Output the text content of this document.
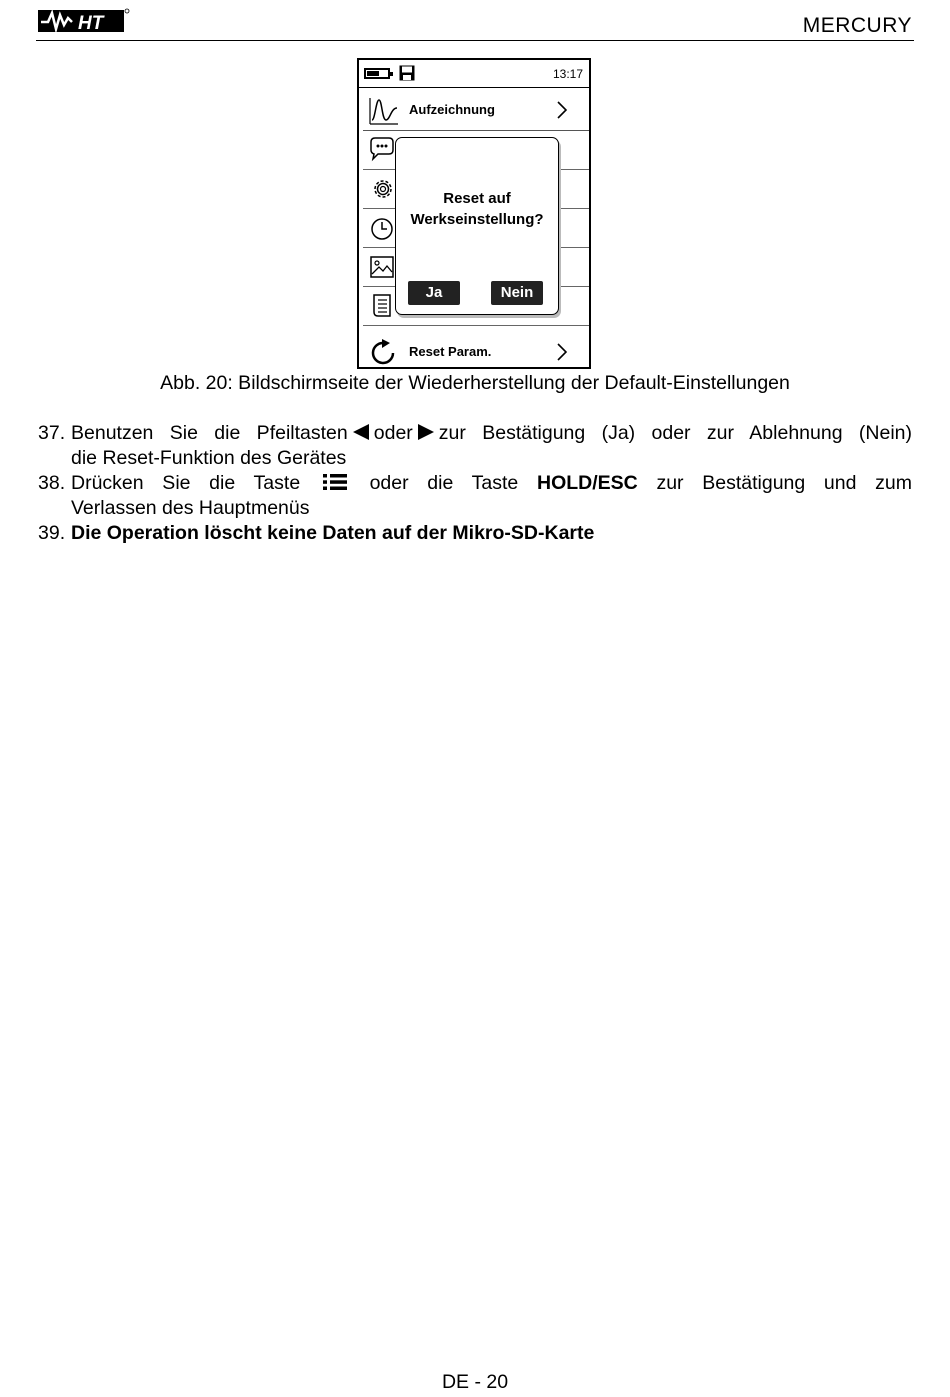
HT	MERCURY
13:17
Aufzeichnung
Reset Param.
Reset auf
Werkseinstellung?
Ja	Nein
Abb. 20: Bildschirmseite der Wiederherstellung der Default-Einstellungen
37. Benutzen Sie die Pfeiltasten oder zur Bestätigung (Ja) oder zur Ablehnung (Nein)
die Reset-Funktion des Gerätes
38. Drücken Sie die Taste	oder die Taste HOLD/ESC zur Bestätigung und zum
Verlassen des Hauptmenüs
39. Die Operation löscht keine Daten auf der Mikro-SD-Karte
DE - 20
